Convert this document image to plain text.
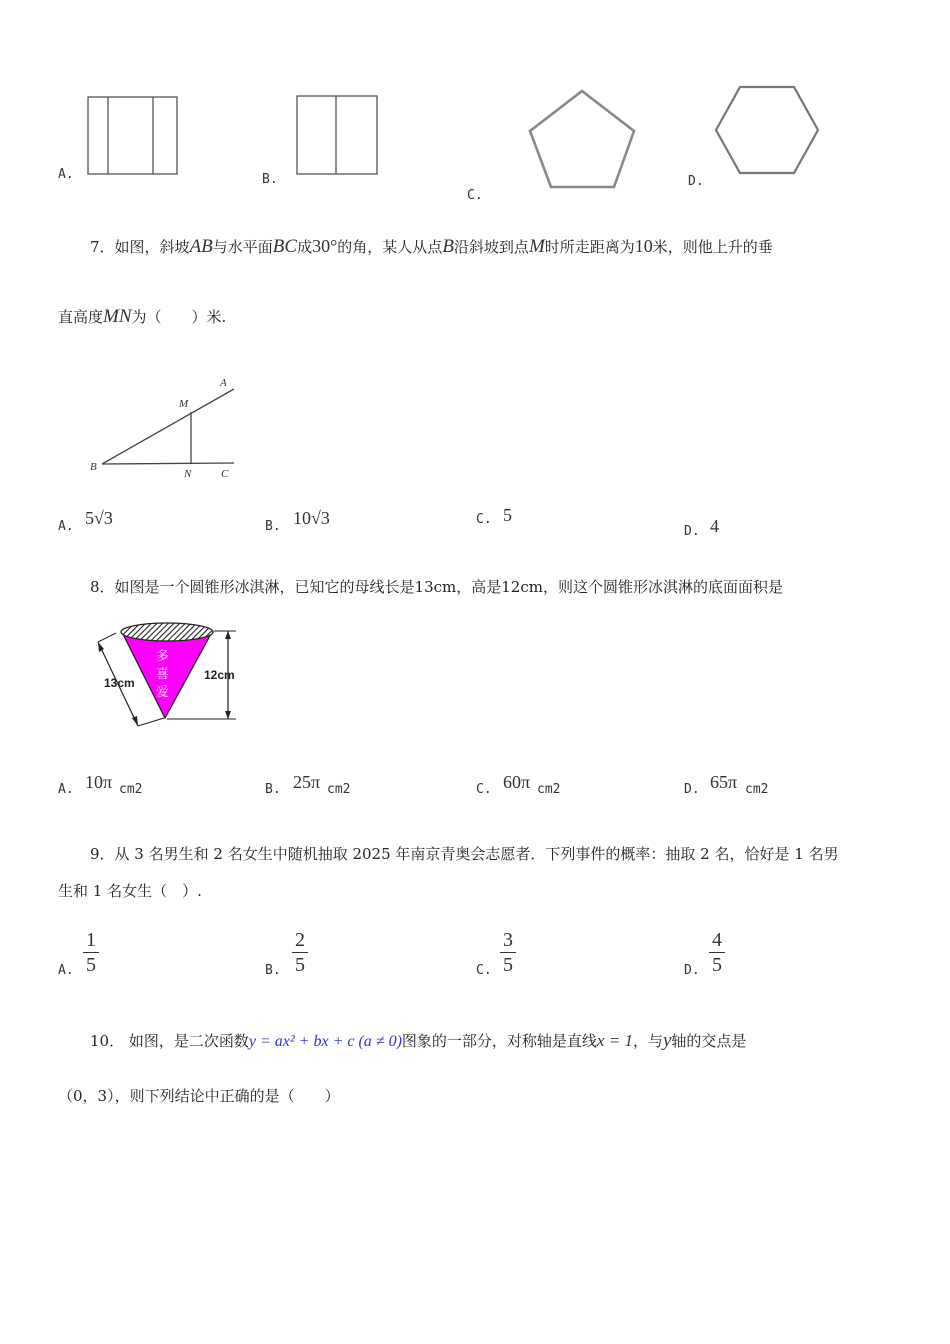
A.	B.
C.
D.
7．如图，斜坡AB与水平面BC成30°的角，某人从点B沿斜坡到点M时所走距离为10米，则他上升的垂
直高度MN为（　　）米.
A
M
B
N	C
A. 5√3	B. 10√3	C. 5
D. 4
8．如图是一个圆锥形冰淇淋，已知它的母线长是13cm，高是12cm，则这个圆锥形冰淇淋的底面面积是
13cm
12cm
多
喜
爱
A. 10π cm2	B. 25π cm2	C. 60π cm2	D. 65π cm2
9．从 3 名男生和 2 名女生中随机抽取 2025 年南京青奥会志愿者．下列事件的概率：抽取 2 名，恰好是 1 名男
生和 1 名女生（　）.
A.
1
5	B.
2
5	C.
3
5	D.
4
5
10． 如图，是二次函数y = ax² + bx + c (a ≠ 0)图象的一部分，对称轴是直线x = 1，与y轴的交点是
（0，3），则下列结论中正确的是（　　）
